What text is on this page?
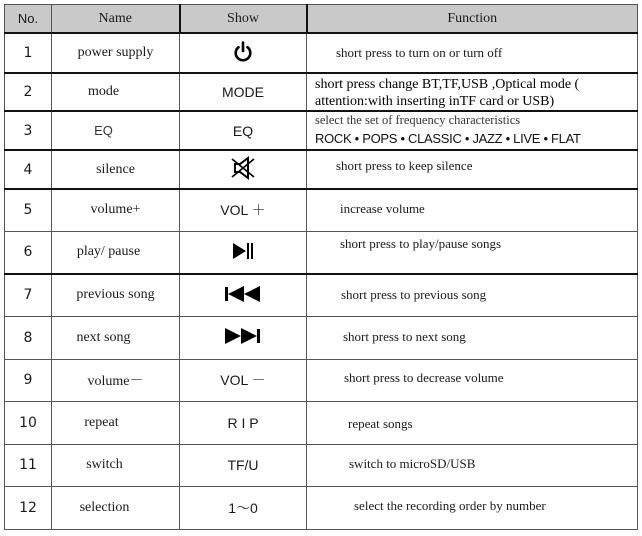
No.	Name	Show	Function
1	power supply		short press to turn on or turn off

2	mode	MODE	short press change BT,TF,USB ,Optical mode ( attention:with inserting inTF card or USB)

3	EQ	EQ	select the set of frequency characteristics
ROCK • POPS • CLASSIC • JAZZ • LIVE • FLAT

4	silence		short press to keep silence

5	volume+	VOL ＋	increase volume

6	play/ pause		short press to play/pause songs

7	previous song		short press to previous song

8	next song		short press to next song

9	volume－	VOL －	short press to decrease volume

10	repeat	R I P	repeat songs

11	switch	TF/U	switch to microSD/USB

12	selection	1～0	select the recording order by number
